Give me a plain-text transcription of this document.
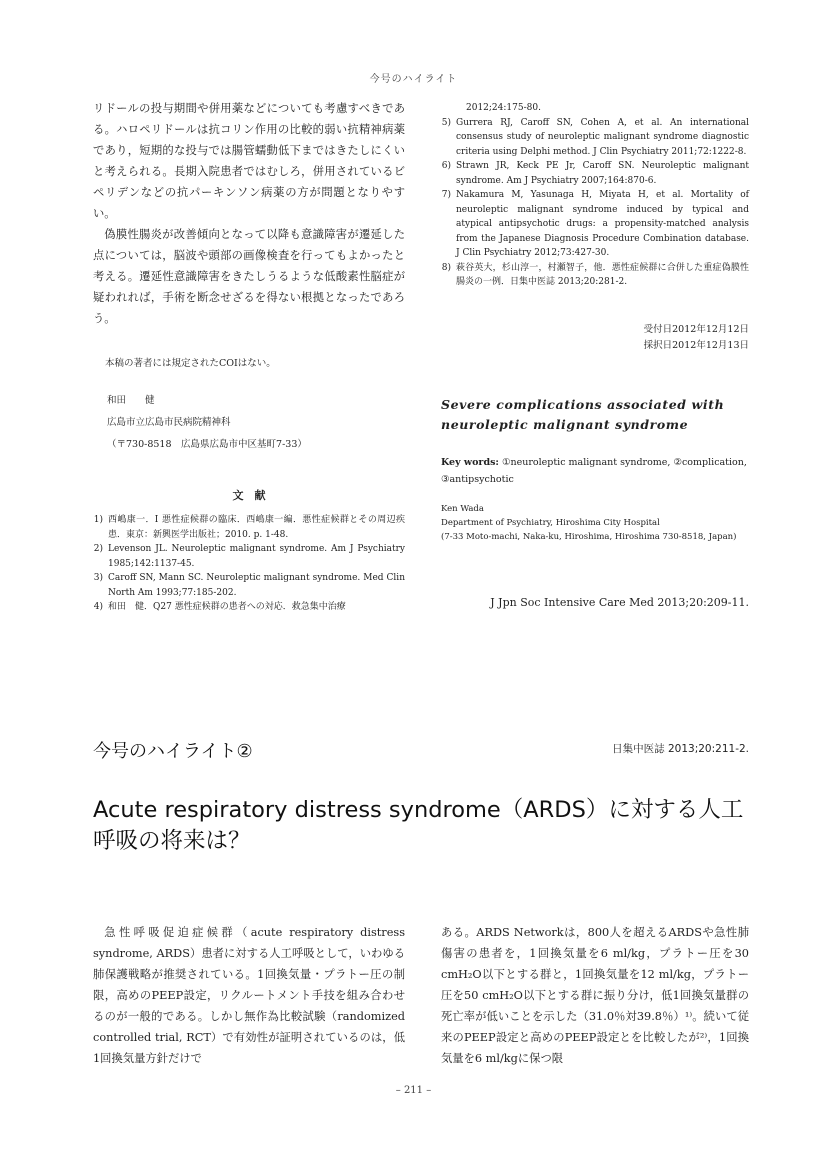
今号のハイライト

リドールの投与期間や併用薬などについても考慮すべきである。ハロペリドールは抗コリン作用の比較的弱い抗精神病薬であり，短期的な投与では腸管蠕動低下まではきたしにくいと考えられる。長期入院患者ではむしろ，併用されているビペリデンなどの抗パーキンソン病薬の方が問題となりやすい。

偽膜性腸炎が改善傾向となって以降も意識障害が遷延した点については，脳波や頭部の画像検査を行ってもよかったと考える。遷延性意識障害をきたしうるような低酸素性脳症が疑われれば，手術を断念せざるを得ない根拠となったであろう。

本稿の著者には規定されたCOIはない。
和田　　健
広島市立広島市民病院精神科
（〒730-8518　広島県広島市中区基町7-33）
文　献
1) 西嶋康一．Ⅰ 悪性症候群の臨床．西嶋康一編．悪性症候群とその周辺疾患．東京：新興医学出版社；2010. p. 1-48.
2) Levenson JL. Neuroleptic malignant syndrome. Am J Psychiatry 1985;142:1137-45.
3) Caroff SN, Mann SC. Neuroleptic malignant syndrome. Med Clin North Am 1993;77:185-202.
4) 和田　健．Q27 悪性症候群の患者への対応．救急集中治療
2012;24:175-80.
5) Gurrera RJ, Caroff SN, Cohen A, et al. An international consensus study of neuroleptic malignant syndrome diagnostic criteria using Delphi method. J Clin Psychiatry 2011;72:1222-8.
6) Strawn JR, Keck PE Jr, Caroff SN. Neuroleptic malignant syndrome. Am J Psychiatry 2007;164:870-6.
7) Nakamura M, Yasunaga H, Miyata H, et al. Mortality of neuroleptic malignant syndrome induced by typical and atypical antipsychotic drugs: a propensity-matched analysis from the Japanese Diagnosis Procedure Combination database. J Clin Psychiatry 2012;73:427-30.
8) 萩谷英大，杉山淳一，村瀬智子，他．悪性症候群に合併した重症偽膜性腸炎の一例．日集中医誌 2013;20:281-2.
受付日2012年12月12日
採択日2012年12月13日
Severe complications associated with neuroleptic malignant syndrome
Key words: ①neuroleptic malignant syndrome, ②complication, ③antipsychotic
Ken Wada
Department of Psychiatry, Hiroshima City Hospital
(7-33 Moto-machi, Naka-ku, Hiroshima, Hiroshima 730-8518, Japan)
J Jpn Soc Intensive Care Med 2013;20:209-11.
今号のハイライト②	日集中医誌 2013;20:211-2.
Acute respiratory distress syndrome（ARDS）に対する人工呼吸の将来は？

急性呼吸促迫症候群（acute respiratory distress syndrome, ARDS）患者に対する人工呼吸として，いわゆる肺保護戦略が推奨されている。1回換気量・プラトー圧の制限，高めのPEEP設定，リクルートメント手技を組み合わせるのが一般的である。しかし無作為比較試験（randomized controlled trial, RCT）で有効性が証明されているのは，低1回換気量方針だけで

ある。ARDS Networkは，800人を超えるARDSや急性肺傷害の患者を，1回換気量を6 ml/kg，プラトー圧を30 cmH₂O以下とする群と，1回換気量を12 ml/kg，プラトー圧を50 cmH₂O以下とする群に振り分け，低1回換気量群の死亡率が低いことを示した（31.0％対39.8％）¹⁾。続いて従来のPEEP設定と高めのPEEP設定とを比較したが²⁾，1回換気量を6 ml/kgに保つ限

– 211 –
